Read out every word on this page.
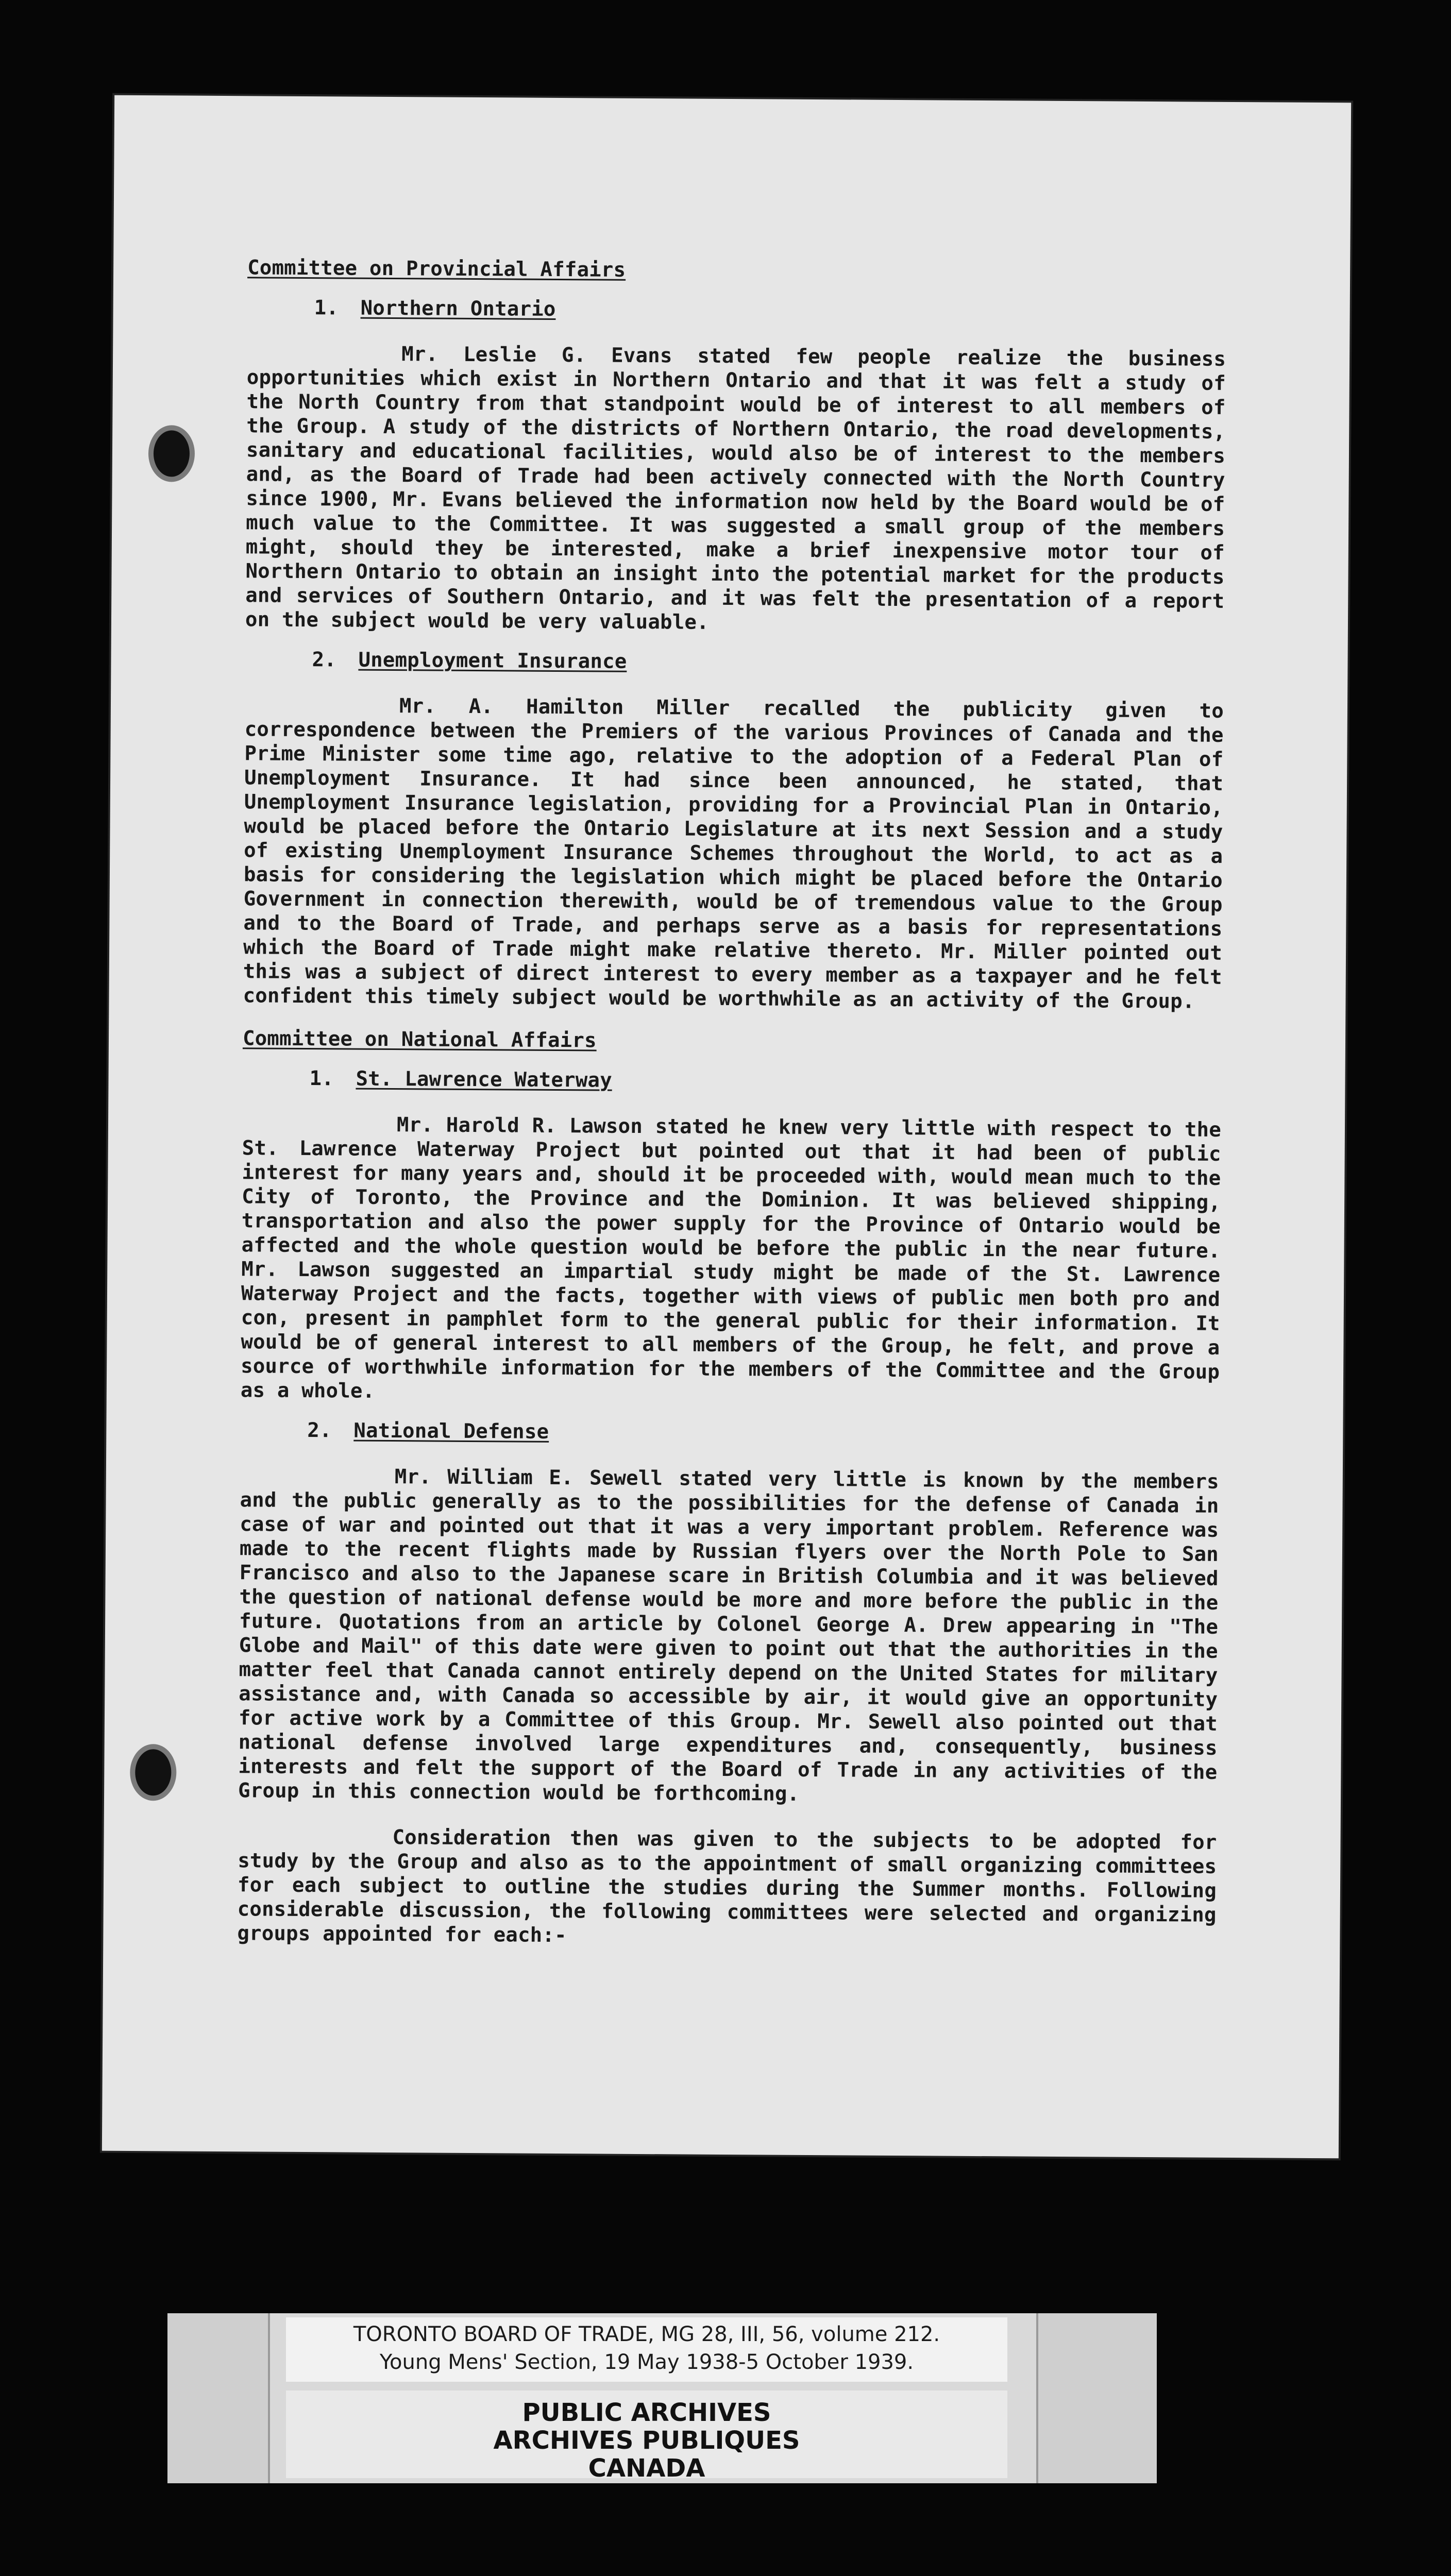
Committee on Provincial Affairs

1. Northern Ontario

Mr. Leslie G. Evans stated few people realize the business opportunities which exist in Northern Ontario and that it was felt a study of the North Country from that standpoint would be of interest to all members of the Group. A study of the districts of Northern Ontario, the road developments, sanitary and educational facilities, would also be of interest to the members and, as the Board of Trade had been actively connected with the North Country since 1900, Mr. Evans believed the information now held by the Board would be of much value to the Committee. It was suggested a small group of the members might, should they be interested, make a brief inexpensive motor tour of Northern Ontario to obtain an insight into the potential market for the products and services of Southern Ontario, and it was felt the presentation of a report on the subject would be very valuable.

2. Unemployment Insurance

Mr. A. Hamilton Miller recalled the publicity given to correspondence between the Premiers of the various Provinces of Canada and the Prime Minister some time ago, relative to the adoption of a Federal Plan of Unemployment Insurance. It had since been announced, he stated, that Unemployment Insurance legislation, providing for a Provincial Plan in Ontario, would be placed before the Ontario Legislature at its next Session and a study of existing Unemployment Insurance Schemes throughout the World, to act as a basis for considering the legislation which might be placed before the Ontario Government in connection therewith, would be of tremendous value to the Group and to the Board of Trade, and perhaps serve as a basis for representations which the Board of Trade might make relative thereto. Mr. Miller pointed out this was a subject of direct interest to every member as a taxpayer and he felt confident this timely subject would be worthwhile as an activity of the Group.

Committee on National Affairs

1. St. Lawrence Waterway

Mr. Harold R. Lawson stated he knew very little with respect to the St. Lawrence Waterway Project but pointed out that it had been of public interest for many years and, should it be proceeded with, would mean much to the City of Toronto, the Province and the Dominion. It was believed shipping, transportation and also the power supply for the Province of Ontario would be affected and the whole question would be before the public in the near future. Mr. Lawson suggested an impartial study might be made of the St. Lawrence Waterway Project and the facts, together with views of public men both pro and con, present in pamphlet form to the general public for their information. It would be of general interest to all members of the Group, he felt, and prove a source of worthwhile information for the members of the Committee and the Group as a whole.

2. National Defense

Mr. William E. Sewell stated very little is known by the members and the public generally as to the possibilities for the defense of Canada in case of war and pointed out that it was a very important problem. Reference was made to the recent flights made by Russian flyers over the North Pole to San Francisco and also to the Japanese scare in British Columbia and it was believed the question of national defense would be more and more before the public in the future. Quotations from an article by Colonel George A. Drew appearing in "The Globe and Mail" of this date were given to point out that the authorities in the matter feel that Canada cannot entirely depend on the United States for military assistance and, with Canada so accessible by air, it would give an opportunity for active work by a Committee of this Group. Mr. Sewell also pointed out that national defense involved large expenditures and, consequently, business interests and felt the support of the Board of Trade in any activities of the Group in this connection would be forthcoming.

Consideration then was given to the subjects to be adopted for study by the Group and also as to the appointment of small organizing committees for each subject to outline the studies during the Summer months. Following considerable discussion, the following committees were selected and organizing groups appointed for each:-

TORONTO BOARD OF TRADE, MG 28, III, 56, volume 212.
Young Mens' Section, 19 May 1938-5 October 1939.
PUBLIC ARCHIVES
ARCHIVES PUBLIQUES
CANADA
